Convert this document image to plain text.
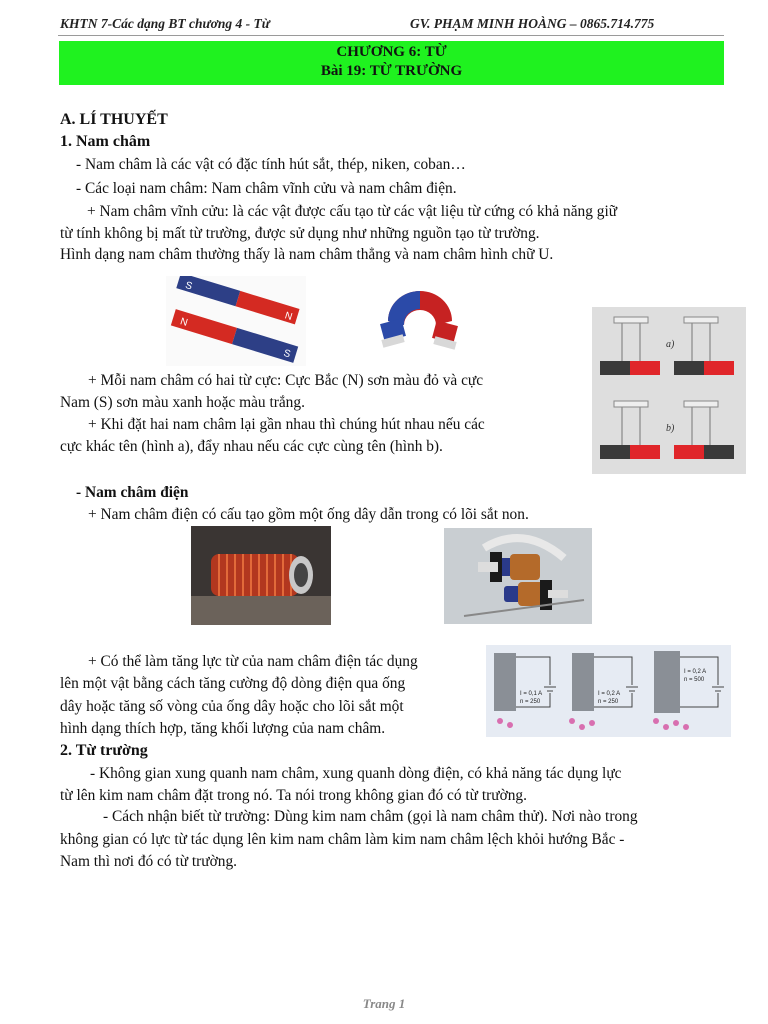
KHTN 7-Các dạng BT chương 4 - Từ	GV. PHẠM MINH HOÀNG – 0865.714.775
CHƯƠNG 6: TỪ
Bài 19: TỪ TRƯỜNG
A. LÍ THUYẾT
1. Nam châm
- Nam châm là các vật có đặc tính hút sắt, thép, niken, coban…
- Các loại nam châm: Nam châm vĩnh cửu và nam châm điện.
+ Nam châm vĩnh cửu: là các vật được cấu tạo từ các vật liệu từ cứng có khả năng giữ
từ tính không bị mất từ trường, được sử dụng như những nguồn tạo từ trường.
Hình dạng nam châm thường thấy là nam châm thẳng và nam châm hình chữ U.
S
N
N
S
a)
b)
+ Mỗi nam châm có hai từ cực: Cực Bắc (N) sơn màu đỏ và cực
Nam (S) sơn màu xanh hoặc màu trắng.
+ Khi đặt hai nam châm lại gần nhau thì chúng hút nhau nếu các
cực khác tên (hình a), đẩy nhau nếu các cực cùng tên (hình b).
- Nam châm điện
+ Nam châm điện có cấu tạo gồm một ống dây dẫn trong có lõi sắt non.
I = 0,1 A
n = 250
I = 0,2 A
n = 250
I = 0,2 A
n = 500
+ Có thể làm tăng lực từ của nam châm điện tác dụng
lên một vật bằng cách tăng cường độ dòng điện qua ống
dây hoặc tăng số vòng của ống dây hoặc cho lõi sắt một
hình dạng thích hợp, tăng khối lượng của nam châm.
2. Từ trường
- Không gian xung quanh nam châm, xung quanh dòng điện, có khả năng tác dụng lực
từ lên kim nam châm đặt trong nó. Ta nói trong không gian đó có từ trường.
- Cách nhận biết từ trường: Dùng kim nam châm (gọi là nam châm thử). Nơi nào trong
không gian có lực từ tác dụng lên kim nam châm làm kim nam châm lệch khỏi hướng Bắc -
Nam thì nơi đó có từ trường.
Trang 1
